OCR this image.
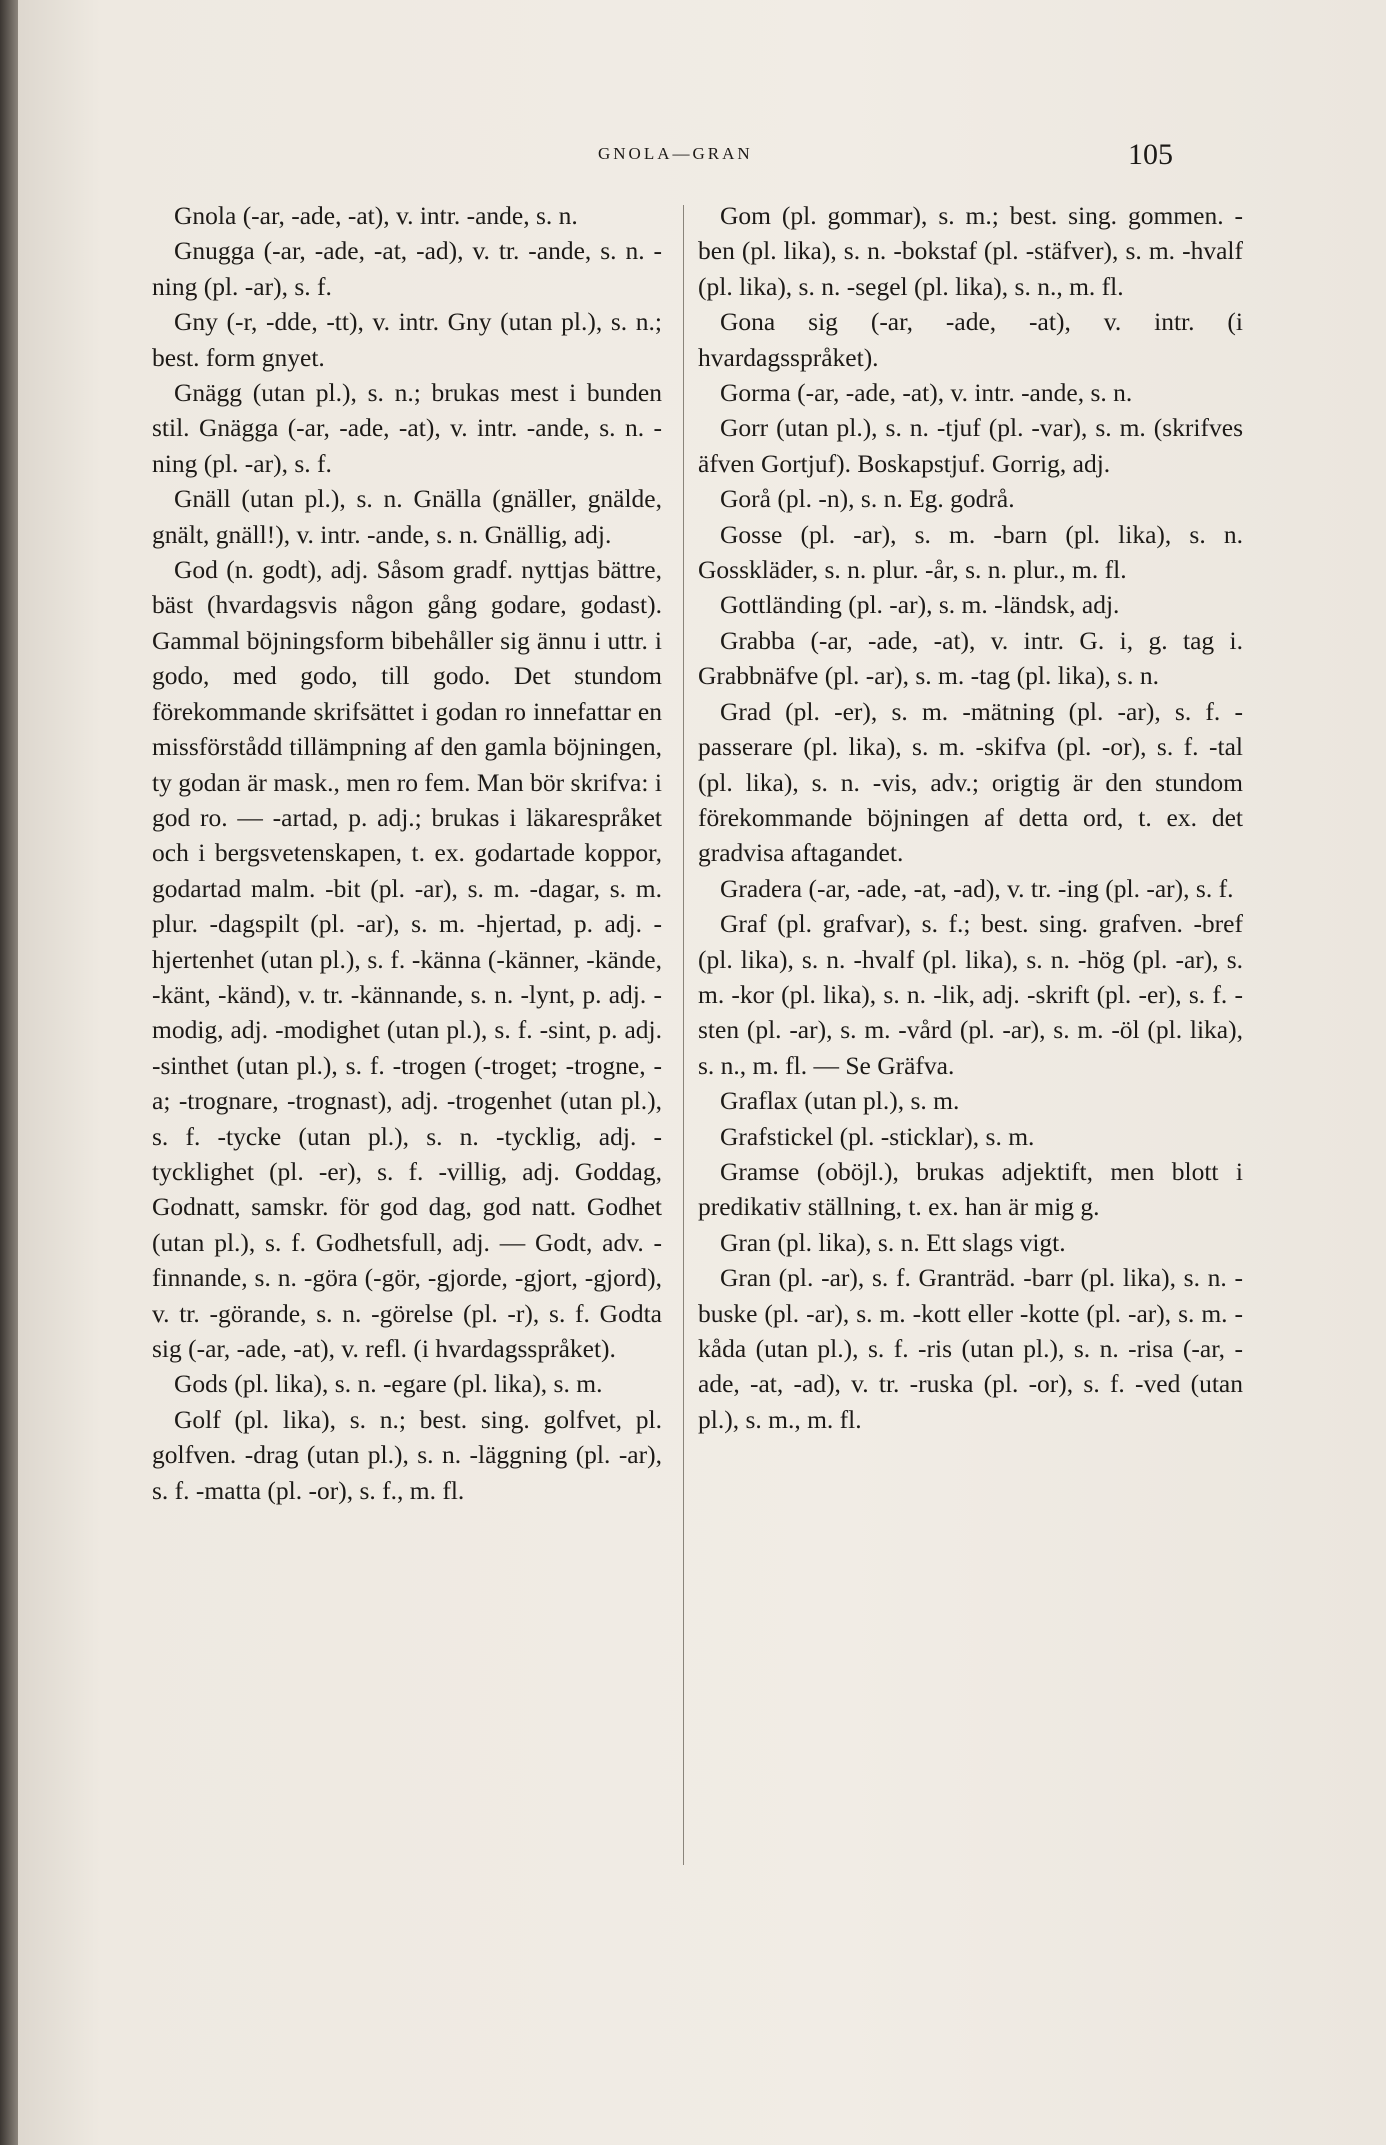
GNOLA—GRAN	105

Gnola (-ar, -ade, -at), v. intr. -ande, s. n.

Gnugga (-ar, -ade, -at, -ad), v. tr. -ande, s. n. -ning (pl. -ar), s. f.

Gny (-r, -dde, -tt), v. intr. Gny (utan pl.), s. n.; best. form gnyet.

Gnägg (utan pl.), s. n.; brukas mest i bunden stil. Gnägga (-ar, -ade, -at), v. intr. -ande, s. n. -ning (pl. -ar), s. f.

Gnäll (utan pl.), s. n. Gnälla (gnäller, gnälde, gnält, gnäll!), v. intr. -ande, s. n. Gnällig, adj.

God (n. godt), adj. Såsom gradf. nyttjas bättre, bäst (hvardagsvis någon gång godare, godast). Gammal böjningsform bibehåller sig ännu i uttr. i godo, med godo, till godo. Det stundom förekommande skrifsättet i godan ro innefattar en missförstådd tillämpning af den gamla böjningen, ty godan är mask., men ro fem. Man bör skrifva: i god ro. — -artad, p. adj.; brukas i läkarespråket och i bergsvetenskapen, t. ex. godartade koppor, godartad malm. -bit (pl. -ar), s. m. -dagar, s. m. plur. -dagspilt (pl. -ar), s. m. -hjertad, p. adj. -hjertenhet (utan pl.), s. f. -känna (-känner, -kände, -känt, -känd), v. tr. -kännande, s. n. -lynt, p. adj. -modig, adj. -modighet (utan pl.), s. f. -sint, p. adj. -sinthet (utan pl.), s. f. -trogen (-troget; -trogne, -a; -trognare, -trognast), adj. -trogenhet (utan pl.), s. f. -tycke (utan pl.), s. n. -tycklig, adj. -tycklighet (pl. -er), s. f. -villig, adj. Goddag, Godnatt, samskr. för god dag, god natt. Godhet (utan pl.), s. f. Godhetsfull, adj. — Godt, adv. -finnande, s. n. -göra (-gör, -gjorde, -gjort, -gjord), v. tr. -görande, s. n. -görelse (pl. -r), s. f. Godta sig (-ar, -ade, -at), v. refl. (i hvardagsspråket).

Gods (pl. lika), s. n. -egare (pl. lika), s. m.

Golf (pl. lika), s. n.; best. sing. golfvet, pl. golfven. -drag (utan pl.), s. n. -läggning (pl. -ar), s. f. -matta (pl. -or), s. f., m. fl.

Gom (pl. gommar), s. m.; best. sing. gommen. -ben (pl. lika), s. n. -bokstaf (pl. -stäfver), s. m. -hvalf (pl. lika), s. n. -segel (pl. lika), s. n., m. fl.

Gona sig (-ar, -ade, -at), v. intr. (i hvardagsspråket).

Gorma (-ar, -ade, -at), v. intr. -ande, s. n.

Gorr (utan pl.), s. n. -tjuf (pl. -var), s. m. (skrifves äfven Gortjuf). Boskapstjuf. Gorrig, adj.

Gorå (pl. -n), s. n. Eg. godrå.

Gosse (pl. -ar), s. m. -barn (pl. lika), s. n. Gosskläder, s. n. plur. -år, s. n. plur., m. fl.

Gottländing (pl. -ar), s. m. -ländsk, adj.

Grabba (-ar, -ade, -at), v. intr. G. i, g. tag i. Grabbnäfve (pl. -ar), s. m. -tag (pl. lika), s. n.

Grad (pl. -er), s. m. -mätning (pl. -ar), s. f. -passerare (pl. lika), s. m. -skifva (pl. -or), s. f. -tal (pl. lika), s. n. -vis, adv.; origtig är den stundom förekommande böjningen af detta ord, t. ex. det gradvisa aftagandet.

Gradera (-ar, -ade, -at, -ad), v. tr. -ing (pl. -ar), s. f.

Graf (pl. grafvar), s. f.; best. sing. grafven. -bref (pl. lika), s. n. -hvalf (pl. lika), s. n. -hög (pl. -ar), s. m. -kor (pl. lika), s. n. -lik, adj. -skrift (pl. -er), s. f. -sten (pl. -ar), s. m. -vård (pl. -ar), s. m. -öl (pl. lika), s. n., m. fl. — Se Gräfva.

Graflax (utan pl.), s. m.

Grafstickel (pl. -sticklar), s. m.

Gramse (oböjl.), brukas adjektift, men blott i predikativ ställning, t. ex. han är mig g.

Gran (pl. lika), s. n. Ett slags vigt.

Gran (pl. -ar), s. f. Granträd. -barr (pl. lika), s. n. -buske (pl. -ar), s. m. -kott eller -kotte (pl. -ar), s. m. -kåda (utan pl.), s. f. -ris (utan pl.), s. n. -risa (-ar, -ade, -at, -ad), v. tr. -ruska (pl. -or), s. f. -ved (utan pl.), s. m., m. fl.
